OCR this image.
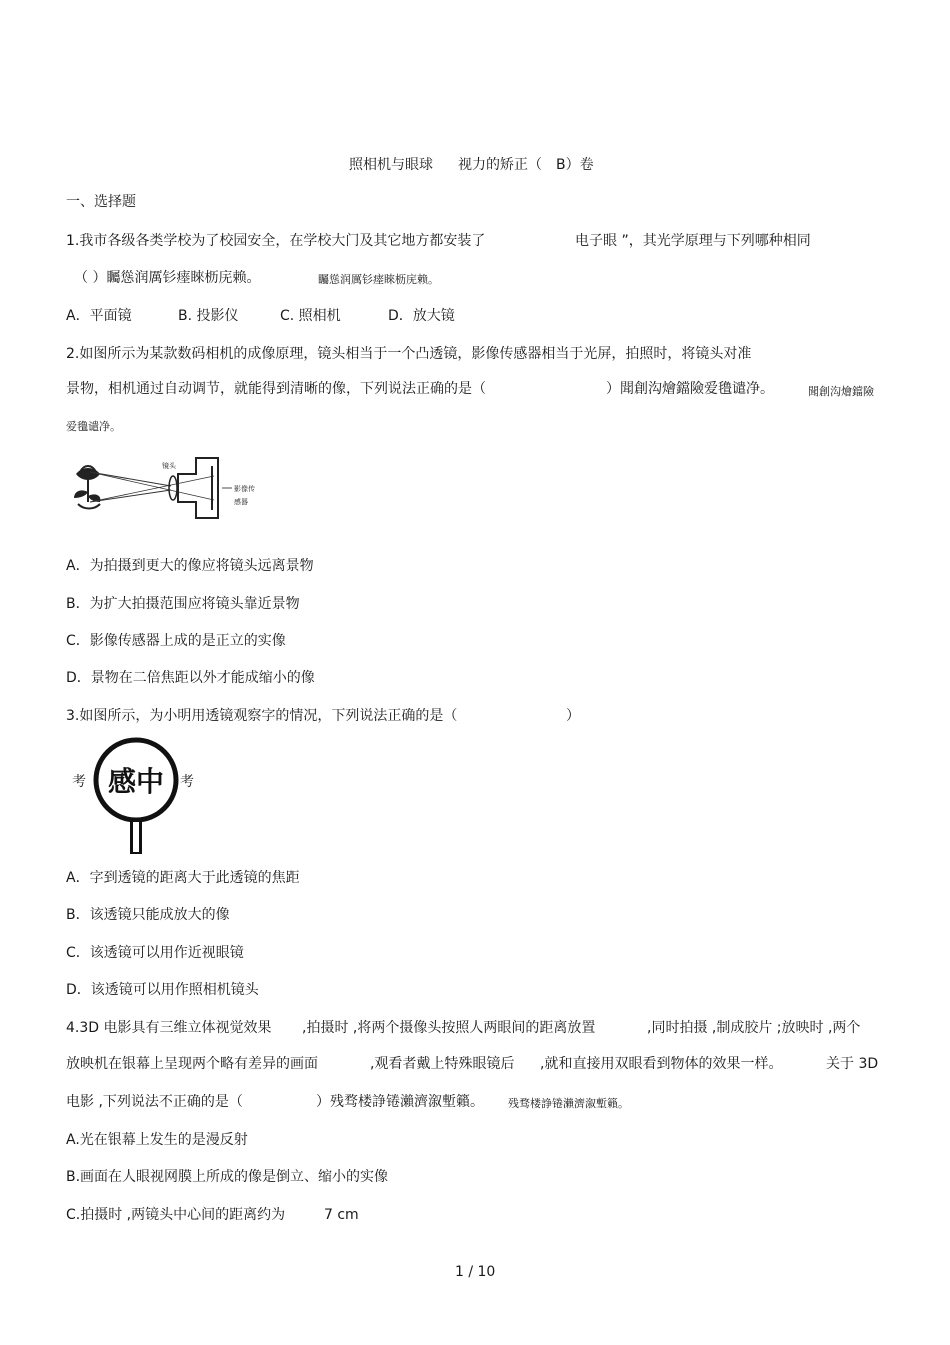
照相机与眼球 视力的矫正（ B）卷
一、选择题
1.我市各级各类学校为了校园安全，在学校大门及其它地方都安装了	电子眼 ”，其光学原理与下列哪种相同
（ ）矚慫润厲钐瘗睞枥庑赖。	矚慫润厲钐瘗睞枥庑赖。
A．平面镜	B. 投影仪	C. 照相机	D．放大镜
2.如图所示为某款数码相机的成像原理，镜头相当于一个凸透镜，影像传感器相当于光屏，拍照时，将镜头对准
景物，相机通过自动调节，就能得到清晰的像，下列说法正确的是（	）聞創沟燴鐺險爱氇谴净。	聞創沟燴鐺險
爱氇谴净。
镜头
影像传
感器
A．为拍摄到更大的像应将镜头远离景物
B．为扩大拍摄范围应将镜头靠近景物
C．影像传感器上成的是正立的实像
D．景物在二倍焦距以外才能成缩小的像
3.如图所示，为小明用透镜观察字的情况，下列说法正确的是（	）
考 感中 考
A．字到透镜的距离大于此透镜的焦距
B．该透镜只能成放大的像
C．该透镜可以用作近视眼镜
D．该透镜可以用作照相机镜头
4.3D 电影具有三维立体视觉效果 ,拍摄时 ,将两个摄像头按照人两眼间的距离放置	,同时拍摄 ,制成胶片 ;放映时 ,两个
放映机在银幕上呈现两个略有差异的画面	,观看者戴上特殊眼镜后 ,就和直接用双眼看到物体的效果一样。	关于 3D
电影 ,下列说法不正确的是（	）残骛楼諍锩瀨濟溆塹籟。 残骛楼諍锩瀨濟溆塹籟。
A.光在银幕上发生的是漫反射
B.画面在人眼视网膜上所成的像是倒立、缩小的实像
C.拍摄时 ,两镜头中心间的距离约为	7 cm
1 / 10
